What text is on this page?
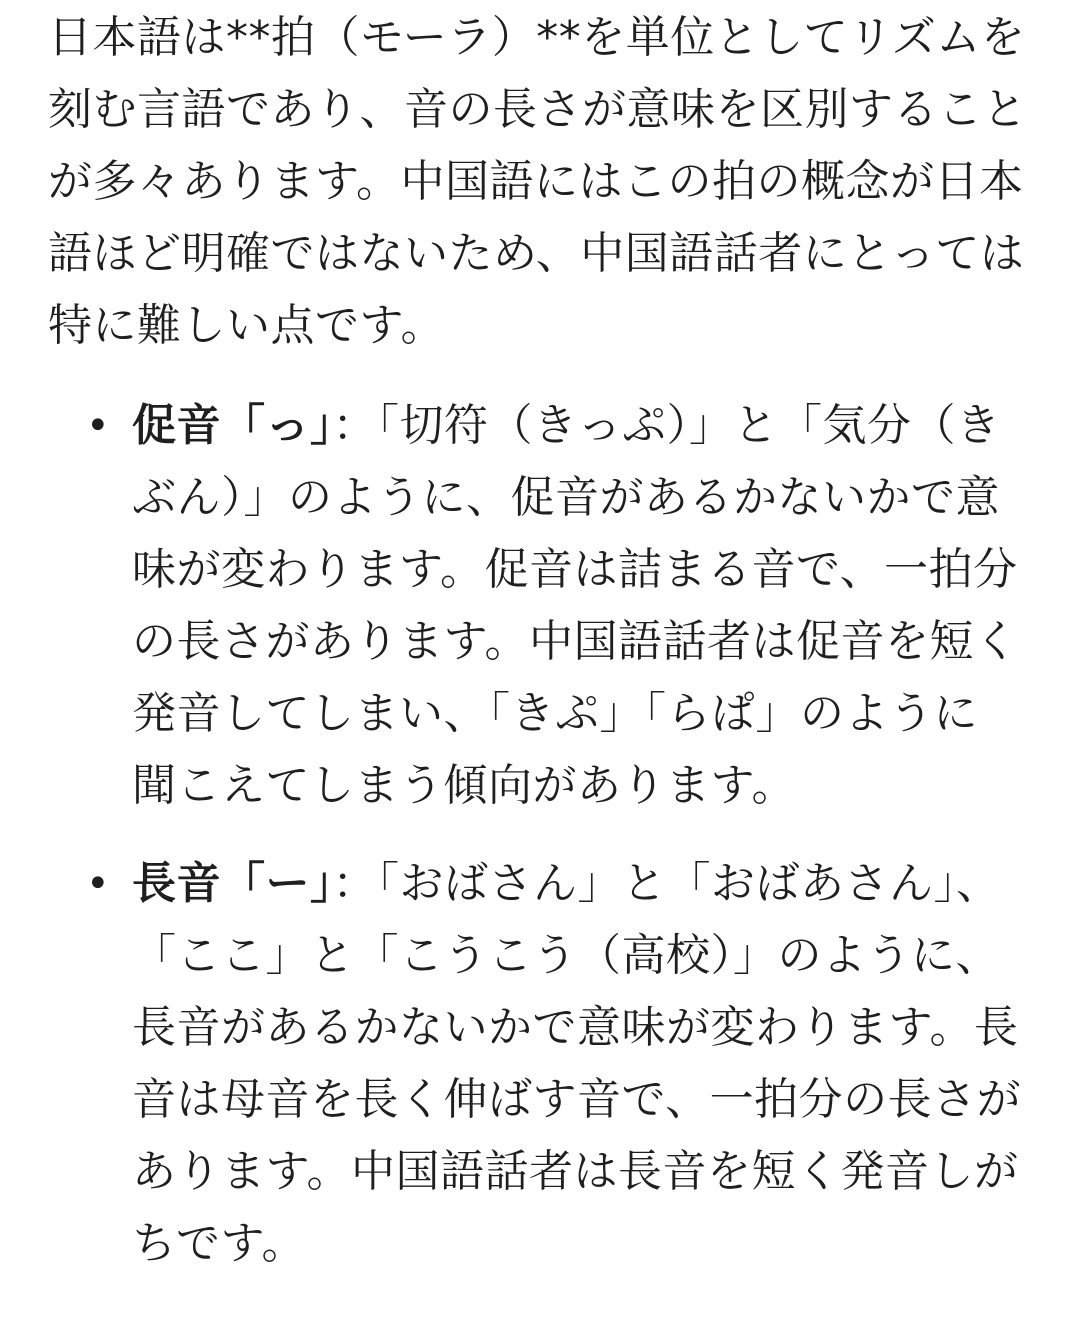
日本語は**拍（モーラ）**を単位としてリズムを刻む言語であり、音の長さが意味を区別することが多々あります。中国語にはこの拍の概念が日本語ほど明確ではないため、中国語話者にとっては特に難しい点です。

• 促音「っ」：「切符（きっぷ）」と「気分（きぶん）」のように、促音があるかないかで意味が変わります。促音は詰まる音で、一拍分の長さがあります。中国語話者は促音を短く発音してしまい、「きぷ」「らぱ」のように聞こえてしまう傾向があります。
• 長音「ー」：「おばさん」と「おばあさん」、「ここ」と「こうこう（高校）」のように、長音があるかないかで意味が変わります。長音は母音を長く伸ばす音で、一拍分の長さがあります。中国語話者は長音を短く発音しがちです。
